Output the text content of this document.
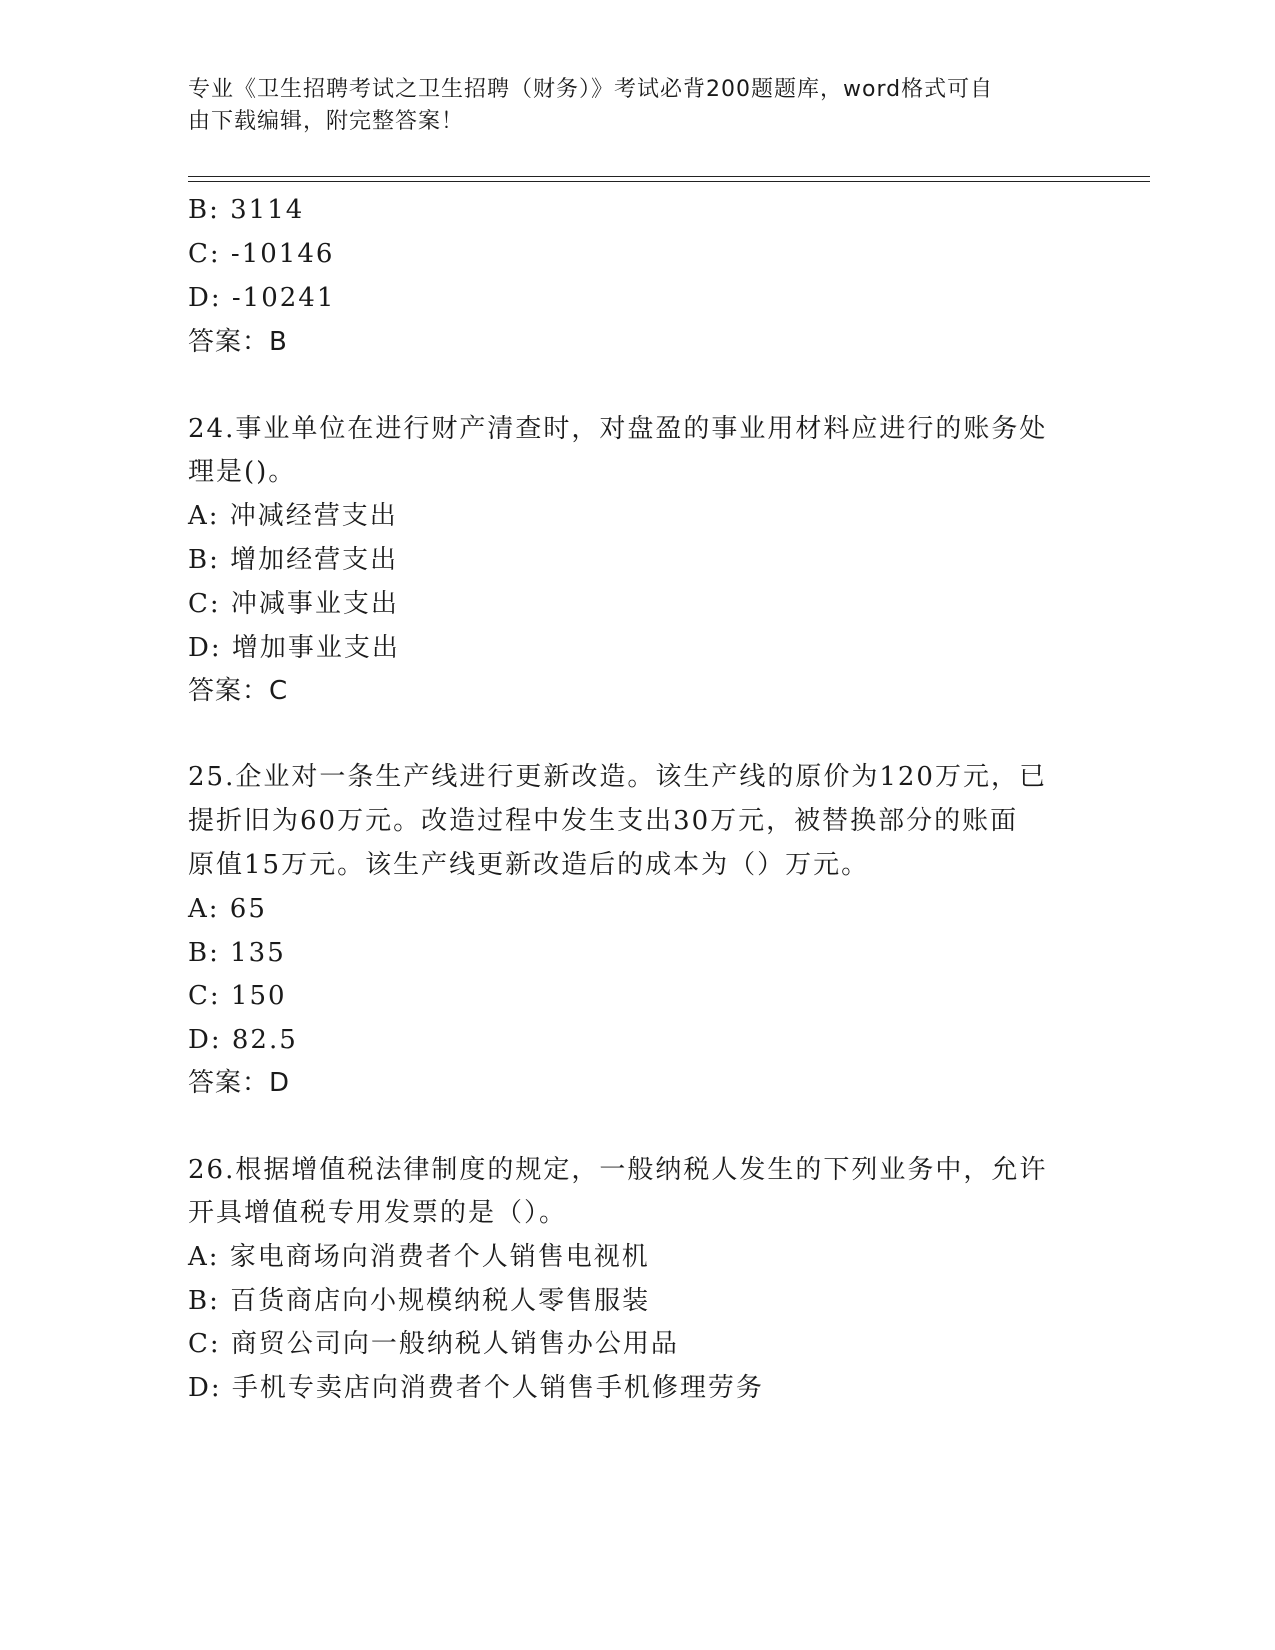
专业《卫生招聘考试之卫生招聘（财务）》考试必背200题题库，word格式可自
由下载编辑，附完整答案！
B: 3114
C: -10146
D: -10241
答案：B
24.事业单位在进行财产清查时，对盘盈的事业用材料应进行的账务处
理是()。
A: 冲减经营支出
B: 增加经营支出
C: 冲减事业支出
D: 增加事业支出
答案：C
25.企业对一条生产线进行更新改造。该生产线的原价为120万元，已
提折旧为60万元。改造过程中发生支出30万元，被替换部分的账面
原值15万元。该生产线更新改造后的成本为（）万元。
A: 65
B: 135
C: 150
D: 82.5
答案：D
26.根据增值税法律制度的规定，一般纳税人发生的下列业务中，允许
开具增值税专用发票的是（）。
A: 家电商场向消费者个人销售电视机
B: 百货商店向小规模纳税人零售服装
C: 商贸公司向一般纳税人销售办公用品
D: 手机专卖店向消费者个人销售手机修理劳务
